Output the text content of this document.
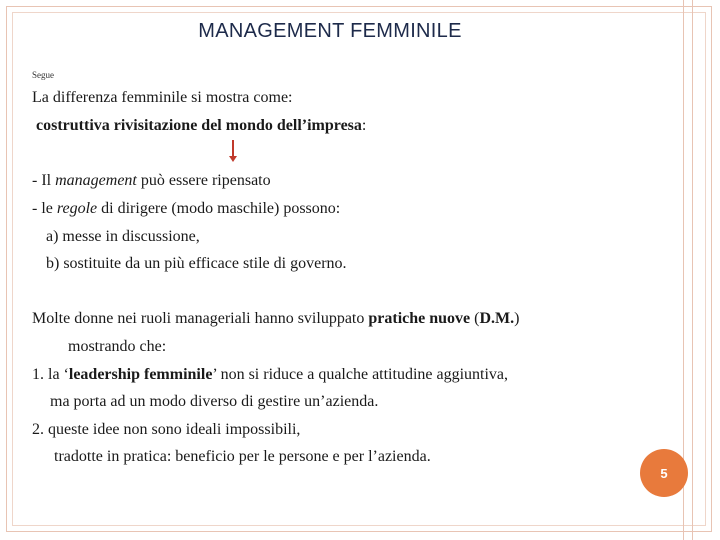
MANAGEMENT FEMMINILE
Segue
La differenza femminile si mostra come:
costruttiva rivisitazione del mondo dell’impresa:
- Il management può essere ripensato
- le regole di dirigere (modo maschile) possono:
a) messe in discussione,
b) sostituite da un più efficace stile di governo.
Molte donne nei ruoli manageriali hanno sviluppato pratiche nuove (D.M.)
mostrando che:
1. la ‘leadership femminile’ non si riduce a qualche attitudine aggiuntiva,
ma porta ad un modo diverso di gestire un’azienda.
2. queste idee non sono ideali impossibili,
tradotte in pratica: beneficio per le persone e per l’azienda.
5
